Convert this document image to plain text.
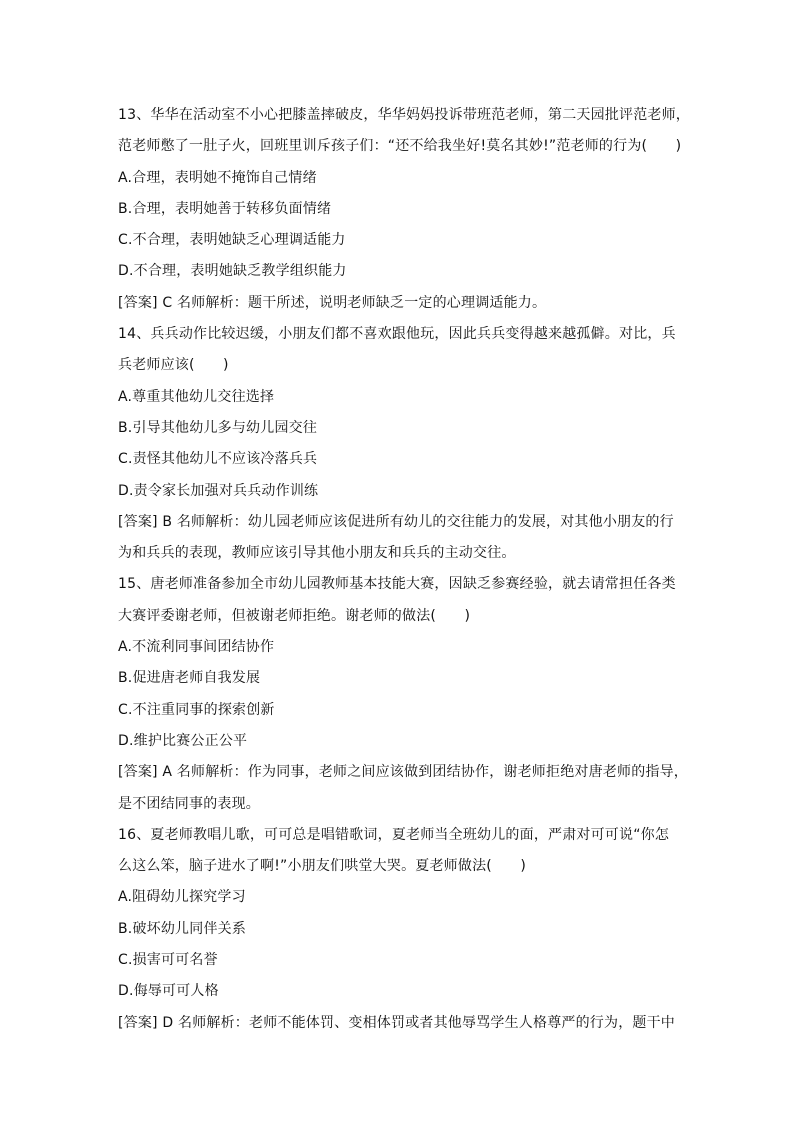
13、华华在活动室不小心把膝盖摔破皮，华华妈妈投诉带班范老师，第二天园批评范老师，
范老师憋了一肚子火，回班里训斥孩子们：“还不给我坐好!莫名其妙!”范老师的行为(　　)
A.合理，表明她不掩饰自己情绪
B.合理，表明她善于转移负面情绪
C.不合理，表明她缺乏心理调适能力
D.不合理，表明她缺乏教学组织能力
[答案] C 名师解析：题干所述，说明老师缺乏一定的心理调适能力。
14、兵兵动作比较迟缓，小朋友们都不喜欢跟他玩，因此兵兵变得越来越孤僻。对比，兵
兵老师应该(　　)
A.尊重其他幼儿交往选择
B.引导其他幼儿多与幼儿园交往
C.责怪其他幼儿不应该冷落兵兵
D.责令家长加强对兵兵动作训练
[答案] B 名师解析：幼儿园老师应该促进所有幼儿的交往能力的发展，对其他小朋友的行
为和兵兵的表现，教师应该引导其他小朋友和兵兵的主动交往。
15、唐老师准备参加全市幼儿园教师基本技能大赛，因缺乏参赛经验，就去请常担任各类
大赛评委谢老师，但被谢老师拒绝。谢老师的做法(　　)
A.不流利同事间团结协作
B.促进唐老师自我发展
C.不注重同事的探索创新
D.维护比赛公正公平
[答案] A 名师解析：作为同事，老师之间应该做到团结协作，谢老师拒绝对唐老师的指导，
是不团结同事的表现。
16、夏老师教唱儿歌，可可总是唱错歌词，夏老师当全班幼儿的面，严肃对可可说“你怎
么这么笨，脑子进水了啊!”小朋友们哄堂大哭。夏老师做法(　　)
A.阻碍幼儿探究学习
B.破坏幼儿同伴关系
C.损害可可名誉
D.侮辱可可人格
[答案] D 名师解析：老师不能体罚、变相体罚或者其他辱骂学生人格尊严的行为，题干中
